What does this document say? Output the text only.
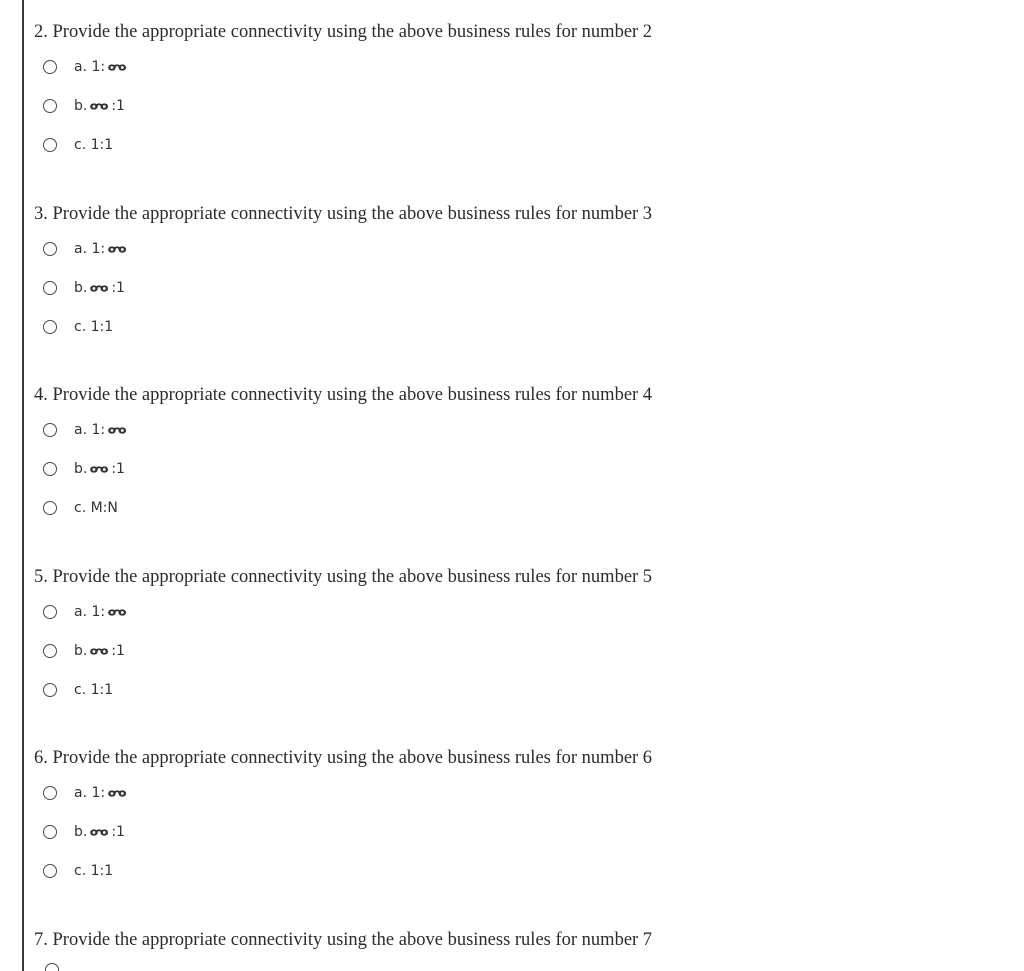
2. Provide the appropriate connectivity using the above business rules for number 2
a. 1:
b. :1
c. 1:1
3. Provide the appropriate connectivity using the above business rules for number 3
a. 1:
b. :1
c. 1:1
4. Provide the appropriate connectivity using the above business rules for number 4
a. 1:
b. :1
c. M:N
5. Provide the appropriate connectivity using the above business rules for number 5
a. 1:
b. :1
c. 1:1
6. Provide the appropriate connectivity using the above business rules for number 6
a. 1:
b. :1
c. 1:1
7. Provide the appropriate connectivity using the above business rules for number 7
